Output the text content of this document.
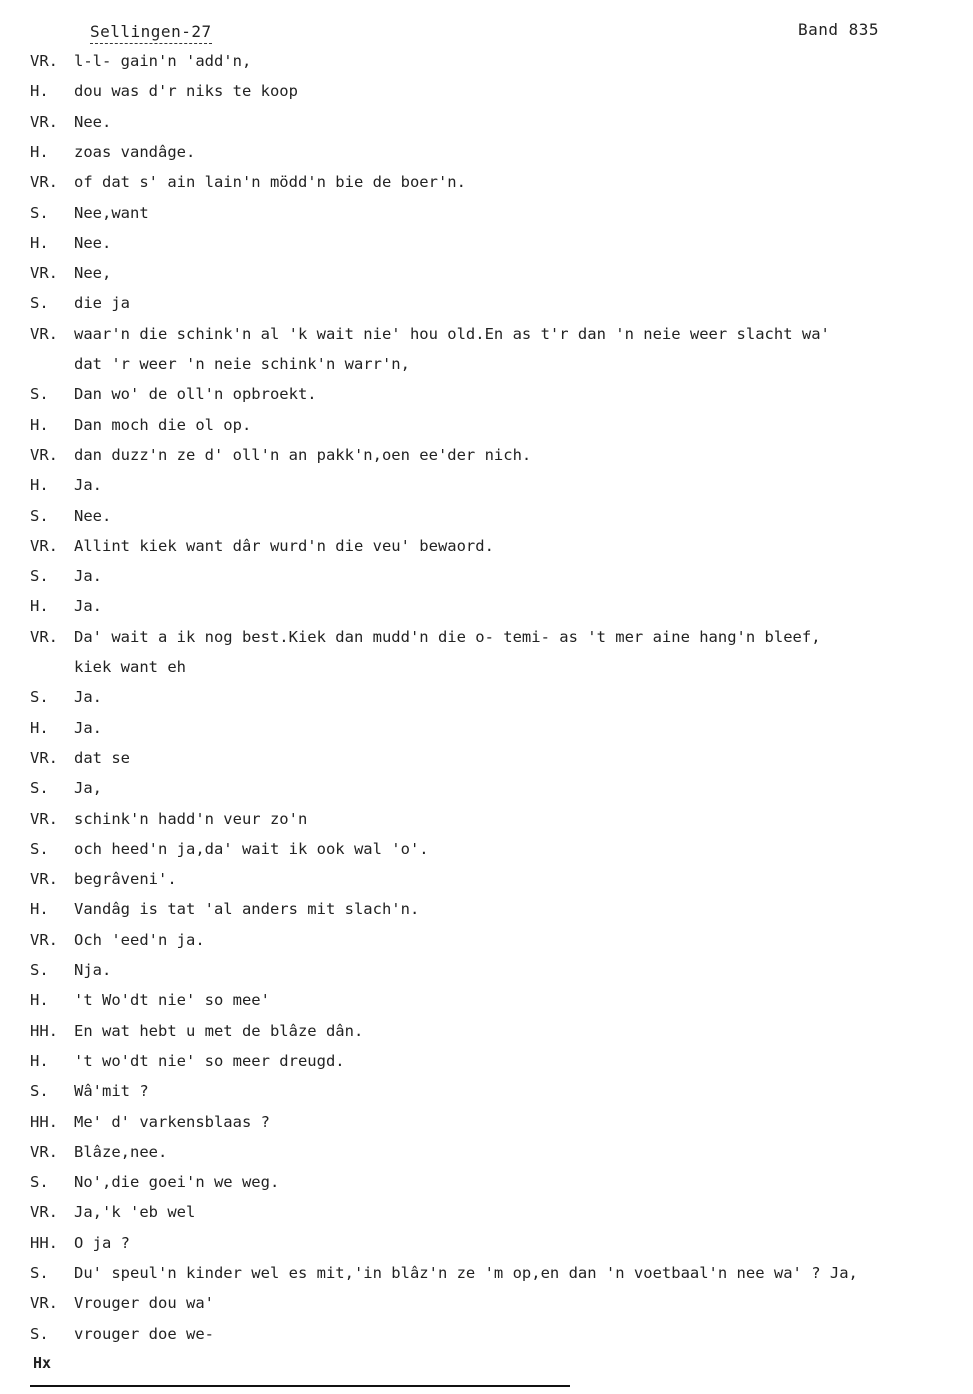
Sellingen-27	Band 835
VR.	l-l- gain'n 'add'n,
H.	dou was d'r niks te koop
VR.	Nee.
H.	zoas vandâge.
VR.	of dat s' ain lain'n mödd'n bie de boer'n.
S.	Nee,want
H.	Nee.
VR.	Nee,
S.	die ja
VR.	waar'n die schink'n al 'k wait nie' hou old.En as t'r dan 'n neie weer slacht wa'
dat 'r weer 'n neie schink'n warr'n,
S.	Dan wo' de oll'n opbroekt.
H.	Dan moch die ol op.
VR.	dan duzz'n ze d' oll'n an pakk'n,oen ee'der nich.
H.	Ja.
S.	Nee.
VR.	Allint kiek want dâr wurd'n die veu' bewaord.
S.	Ja.
H.	Ja.
VR.	Da' wait a ik nog best.Kiek dan mudd'n die o- temi- as 't mer aine hang'n bleef,
kiek want eh
S.	Ja.
H.	Ja.
VR.	dat se
S.	Ja,
VR.	schink'n hadd'n veur zo'n
S.	och heed'n ja,da' wait ik ook wal 'o'.
VR.	begrâveni'.
H.	Vandâg is tat 'al anders mit slach'n.
VR.	Och 'eed'n ja.
S.	Nja.
H.	't Wo'dt nie' so mee'
HH.	En wat hebt u met de blâze dân.
H.	't wo'dt nie' so meer dreugd.
S.	Wâ'mit ?
HH.	Me' d' varkensblaas ?
VR.	Blâze,nee.
S.	No',die goei'n we weg.
VR.	Ja,'k 'eb wel
HH.	O ja ?
S.	Du' speul'n kinder wel es mit,'in blâz'n ze 'm op,en dan 'n voetbaal'n nee wa' ? Ja,
VR.	Vrouger dou wa'
S.	vrouger doe we-
Hx
